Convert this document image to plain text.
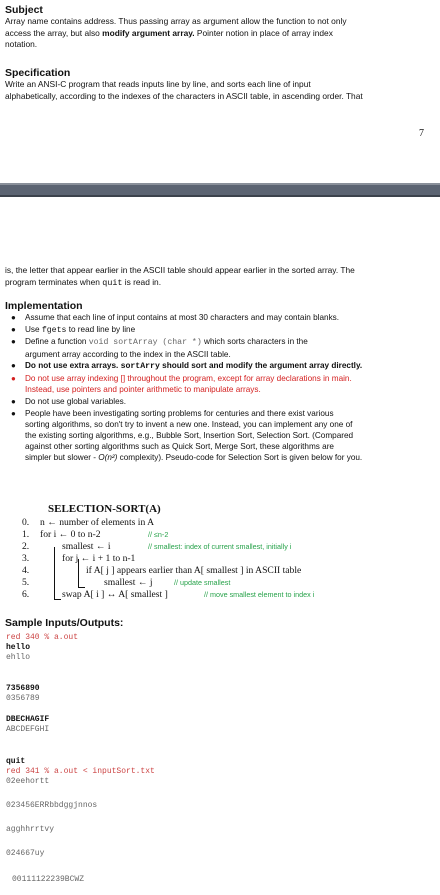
Subject

Array name contains address. Thus passing array as argument allow the function to not only

access the array, but also modify argument array. Pointer notion in place of array index

notation.

Specification

Write an ANSI-C program that reads inputs line by line, and sorts each line of input

alphabetically, according to the indexes of the characters in ASCII table, in ascending order. That

7

is, the letter that appear earlier in the ASCII table should appear earlier in the sorted array. The

program terminates when quit is read in.

Implementation

● Assume that each line of input contains at most 30 characters and may contain blanks.
● Use fgets to read line by line
● Define a function void sortArray (char *) which sorts characters in the
argument array according to the index in the ASCII table.
● Do not use extra arrays. sortArry should sort and modify the argument array directly.
● Do not use array indexing [] throughout the program, except for array declarations in main.
Instead, use pointers and pointer arithmetic to manipulate arrays.
● Do not use global variables.
● People have been investigating sorting problems for centuries and there exist various
sorting algorithms, so don't try to invent a new one. Instead, you can implement any one of
the existing sorting algorithms, e.g., Bubble Sort, Insertion Sort, Selection Sort. (Compared
against other sorting algorithms such as Quick Sort, Merge Sort, these algorithms are
simpler but slower - O(n²) complexity). Pseudo-code for Selection Sort is given below for you.
SELECTION-SORT(A)
0.	n ← number of elements in A
1.	for i ← 0 to n-2	// ≤n-2
2.	smallest ← i	// smallest: index of current smallest, initially i
3.	for j ← i + 1 to n-1
4.	if A[ j ] appears earlier than A[ smallest ] in ASCII table
5.	smallest ← j	// update smallest
6.	swap A[ i ] ↔ A[ smallest ]	// move smallest element to index i

Sample Inputs/Outputs:

red 340 % a.out
hello
ehllo
7356890
0356789
DBECHAGIF
ABCDEFGHI
quit
red 341 % a.out < inputSort.txt
02eehortt
023456ERRbbdggjnnos
agghhrrtvy
024667uy
00111122239BCWZ
